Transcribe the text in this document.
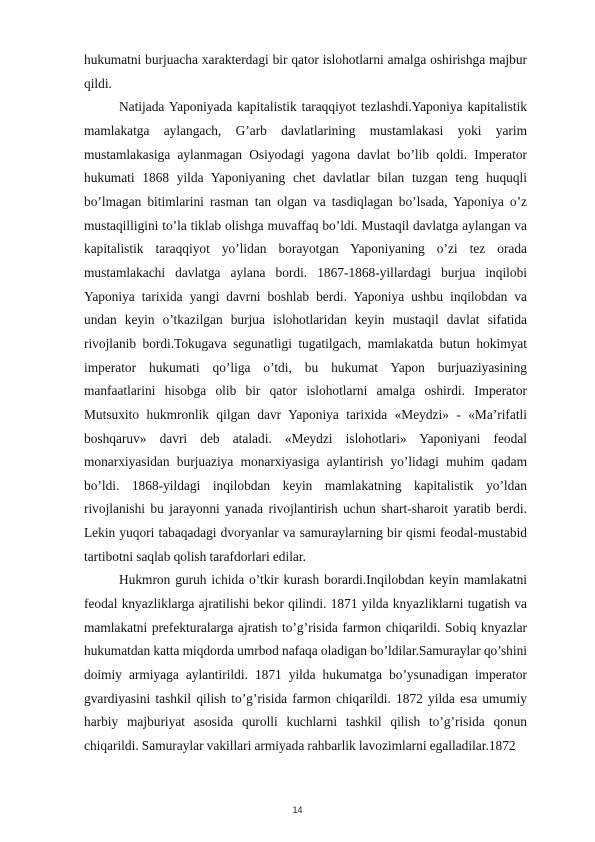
hukumatni burjuacha xarakterdagi bir qator islohotlarni amalga oshirishga majbur qildi.

Natijada Yaponiyada kapitalistik taraqqiyot tezlashdi.Yaponiya kapitalistik mamlakatga aylangach, G’arb davlatlarining mustamlakasi yoki yarim mustamlakasiga aylanmagan Osiyodagi yagona davlat bo’lib qoldi. Imperator hukumati 1868 yilda Yaponiyaning chet davlatlar bilan tuzgan teng huquqli bo’lmagan bitimlarini rasman tan olgan va tasdiqlagan bo’lsada, Yaponiya o’z mustaqilligini to’la tiklab olishga muvaffaq bo’ldi. Mustaqil davlatga aylangan va kapitalistik taraqqiyot yo’lidan borayotgan Yaponiyaning o’zi tez orada mustamlakachi davlatga aylana bordi. 1867-1868-yillardagi burjua inqilobi Yaponiya tarixida yangi davrni boshlab berdi. Yaponiya ushbu inqilobdan va undan keyin o’tkazilgan burjua islohotlaridan keyin mustaqil davlat sifatida rivojlanib bordi.Tokugava segunatligi tugatilgach, mamlakatda butun hokimyat imperator hukumati qo’liga o’tdi, bu hukumat Yapon burjuaziyasining manfaatlarini hisobga olib bir qator islohotlarni amalga oshirdi. Imperator Mutsuxito hukmronlik qilgan davr Yaponiya tarixida «Meydzi» - «Ma’rifatli boshqaruv» davri deb ataladi. «Meydzi islohotlari» Yaponiyani feodal monarxiyasidan burjuaziya monarxiyasiga aylantirish yo’lidagi muhim qadam bo’ldi. 1868-yildagi inqilobdan keyin mamlakatning kapitalistik yo’ldan rivojlanishi bu jarayonni yanada rivojlantirish uchun shart-sharoit yaratib berdi. Lekin yuqori tabaqadagi dvoryanlar va samuraylarning bir qismi feodal-mustabid tartibotni saqlab qolish tarafdorlari edilar.

Hukmron guruh ichida o’tkir kurash borardi.Inqilobdan keyin mamlakatni feodal knyazliklarga ajratilishi bekor qilindi. 1871 yilda knyazliklarni tugatish va mamlakatni prefekturalarga ajratish to’g’risida farmon chiqarildi. Sobiq knyazlar hukumatdan katta miqdorda umrbod nafaqa oladigan bo’ldilar.Samuraylar qo’shini doimiy armiyaga aylantirildi. 1871 yilda hukumatga bo’ysunadigan imperator gvardiyasini tashkil qilish to’g’risida farmon chiqarildi. 1872 yilda esa umumiy harbiy majburiyat asosida qurolli kuchlarni tashkil qilish to’g’risida qonun chiqarildi. Samuraylar vakillari armiyada rahbarlik lavozimlarni egalladilar.1872

14
